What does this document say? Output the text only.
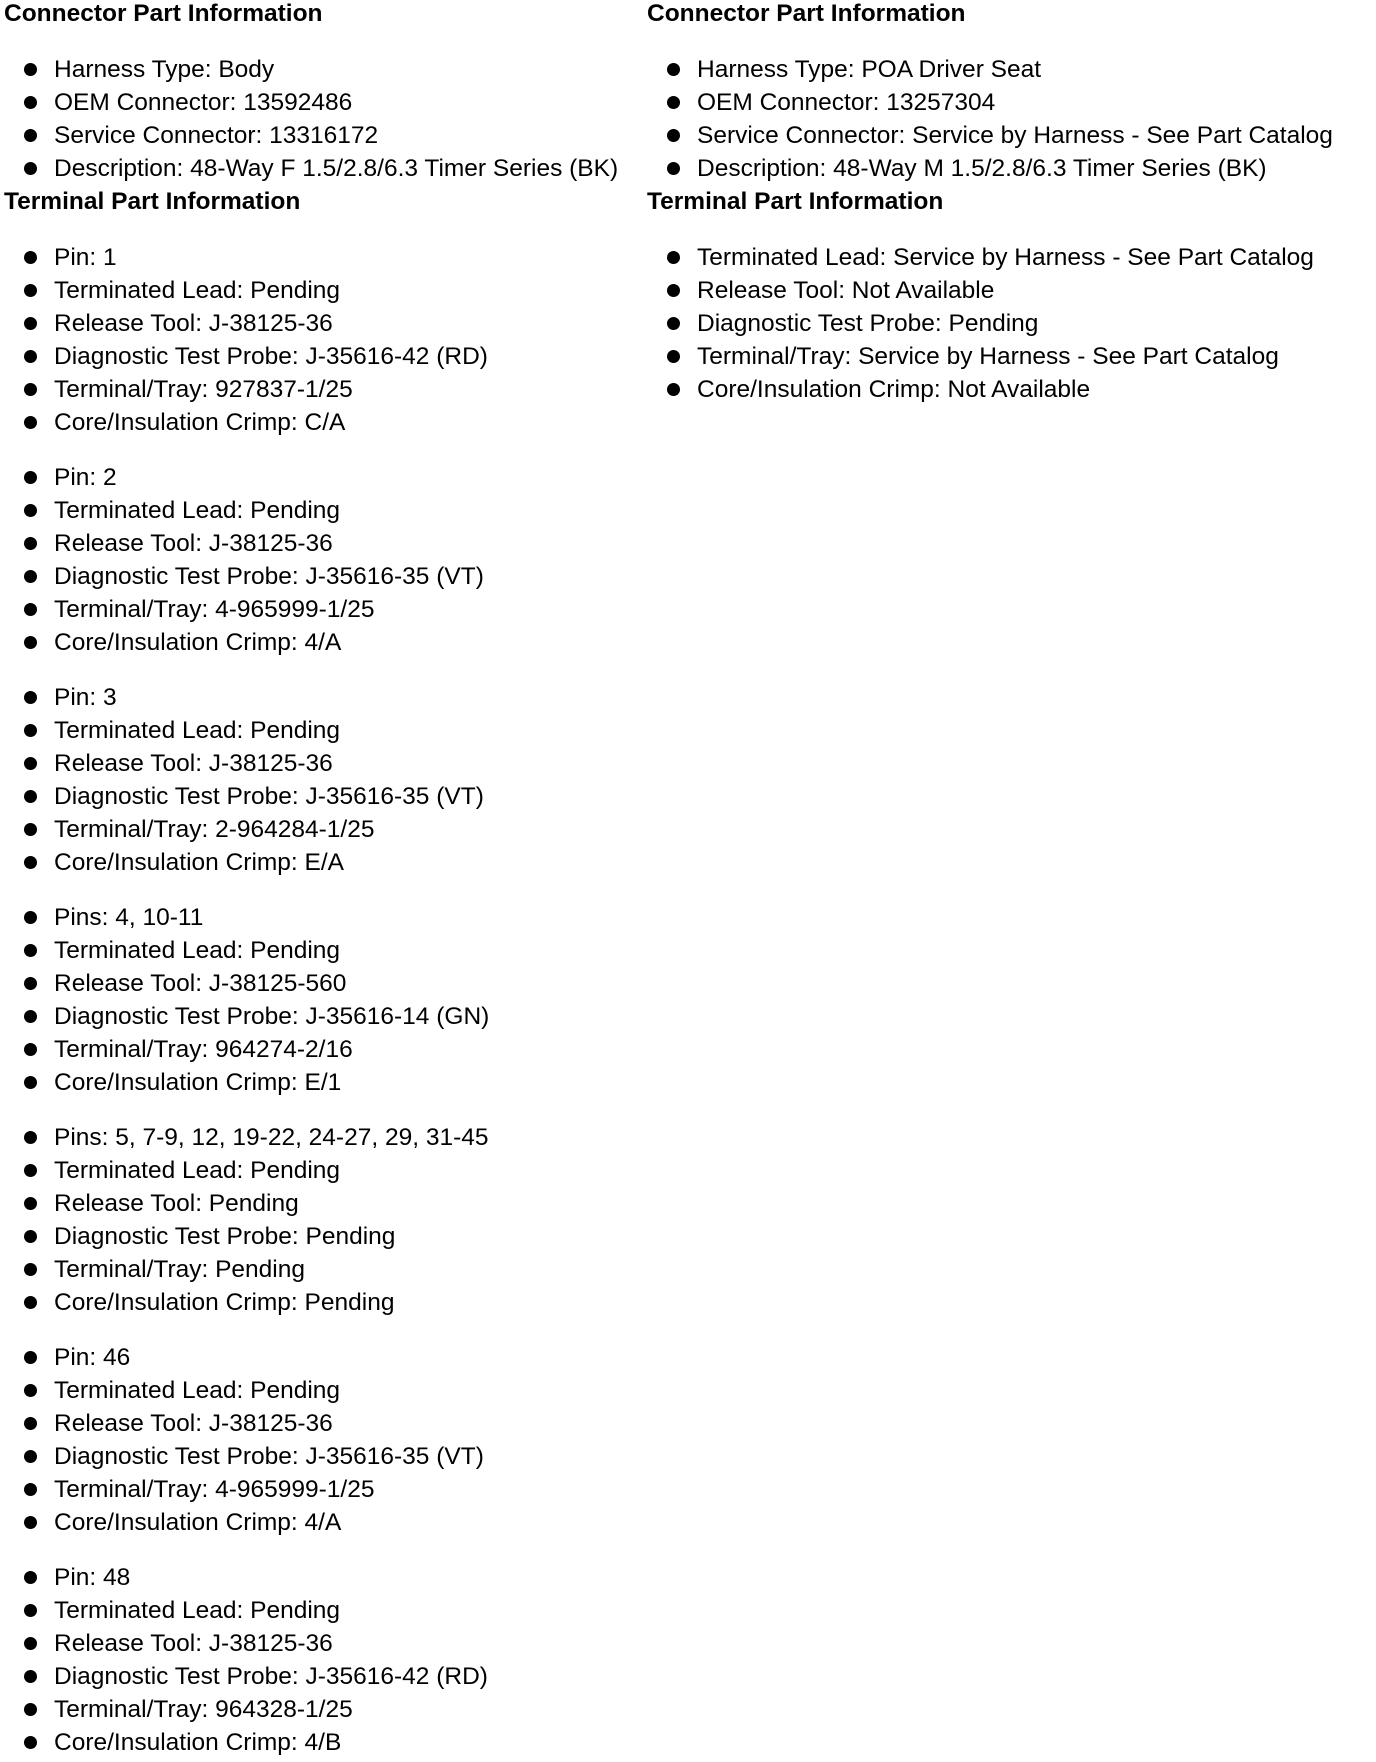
Connector Part Information
Harness Type: Body
OEM Connector: 13592486
Service Connector: 13316172
Description: 48-Way F 1.5/2.8/6.3 Timer Series (BK)
Terminal Part Information
Pin: 1
Terminated Lead: Pending
Release Tool: J-38125-36
Diagnostic Test Probe: J-35616-42 (RD)
Terminal/Tray: 927837-1/25
Core/Insulation Crimp: C/A
Pin: 2
Terminated Lead: Pending
Release Tool: J-38125-36
Diagnostic Test Probe: J-35616-35 (VT)
Terminal/Tray: 4-965999-1/25
Core/Insulation Crimp: 4/A
Pin: 3
Terminated Lead: Pending
Release Tool: J-38125-36
Diagnostic Test Probe: J-35616-35 (VT)
Terminal/Tray: 2-964284-1/25
Core/Insulation Crimp: E/A
Pins: 4, 10-11
Terminated Lead: Pending
Release Tool: J-38125-560
Diagnostic Test Probe: J-35616-14 (GN)
Terminal/Tray: 964274-2/16
Core/Insulation Crimp: E/1
Pins: 5, 7-9, 12, 19-22, 24-27, 29, 31-45
Terminated Lead: Pending
Release Tool: Pending
Diagnostic Test Probe: Pending
Terminal/Tray: Pending
Core/Insulation Crimp: Pending
Pin: 46
Terminated Lead: Pending
Release Tool: J-38125-36
Diagnostic Test Probe: J-35616-35 (VT)
Terminal/Tray: 4-965999-1/25
Core/Insulation Crimp: 4/A
Pin: 48
Terminated Lead: Pending
Release Tool: J-38125-36
Diagnostic Test Probe: J-35616-42 (RD)
Terminal/Tray: 964328-1/25
Core/Insulation Crimp: 4/B
Connector Part Information
Harness Type: POA Driver Seat
OEM Connector: 13257304
Service Connector: Service by Harness - See Part Catalog
Description: 48-Way M 1.5/2.8/6.3 Timer Series (BK)
Terminal Part Information
Terminated Lead: Service by Harness - See Part Catalog
Release Tool: Not Available
Diagnostic Test Probe: Pending
Terminal/Tray: Service by Harness - See Part Catalog
Core/Insulation Crimp: Not Available
